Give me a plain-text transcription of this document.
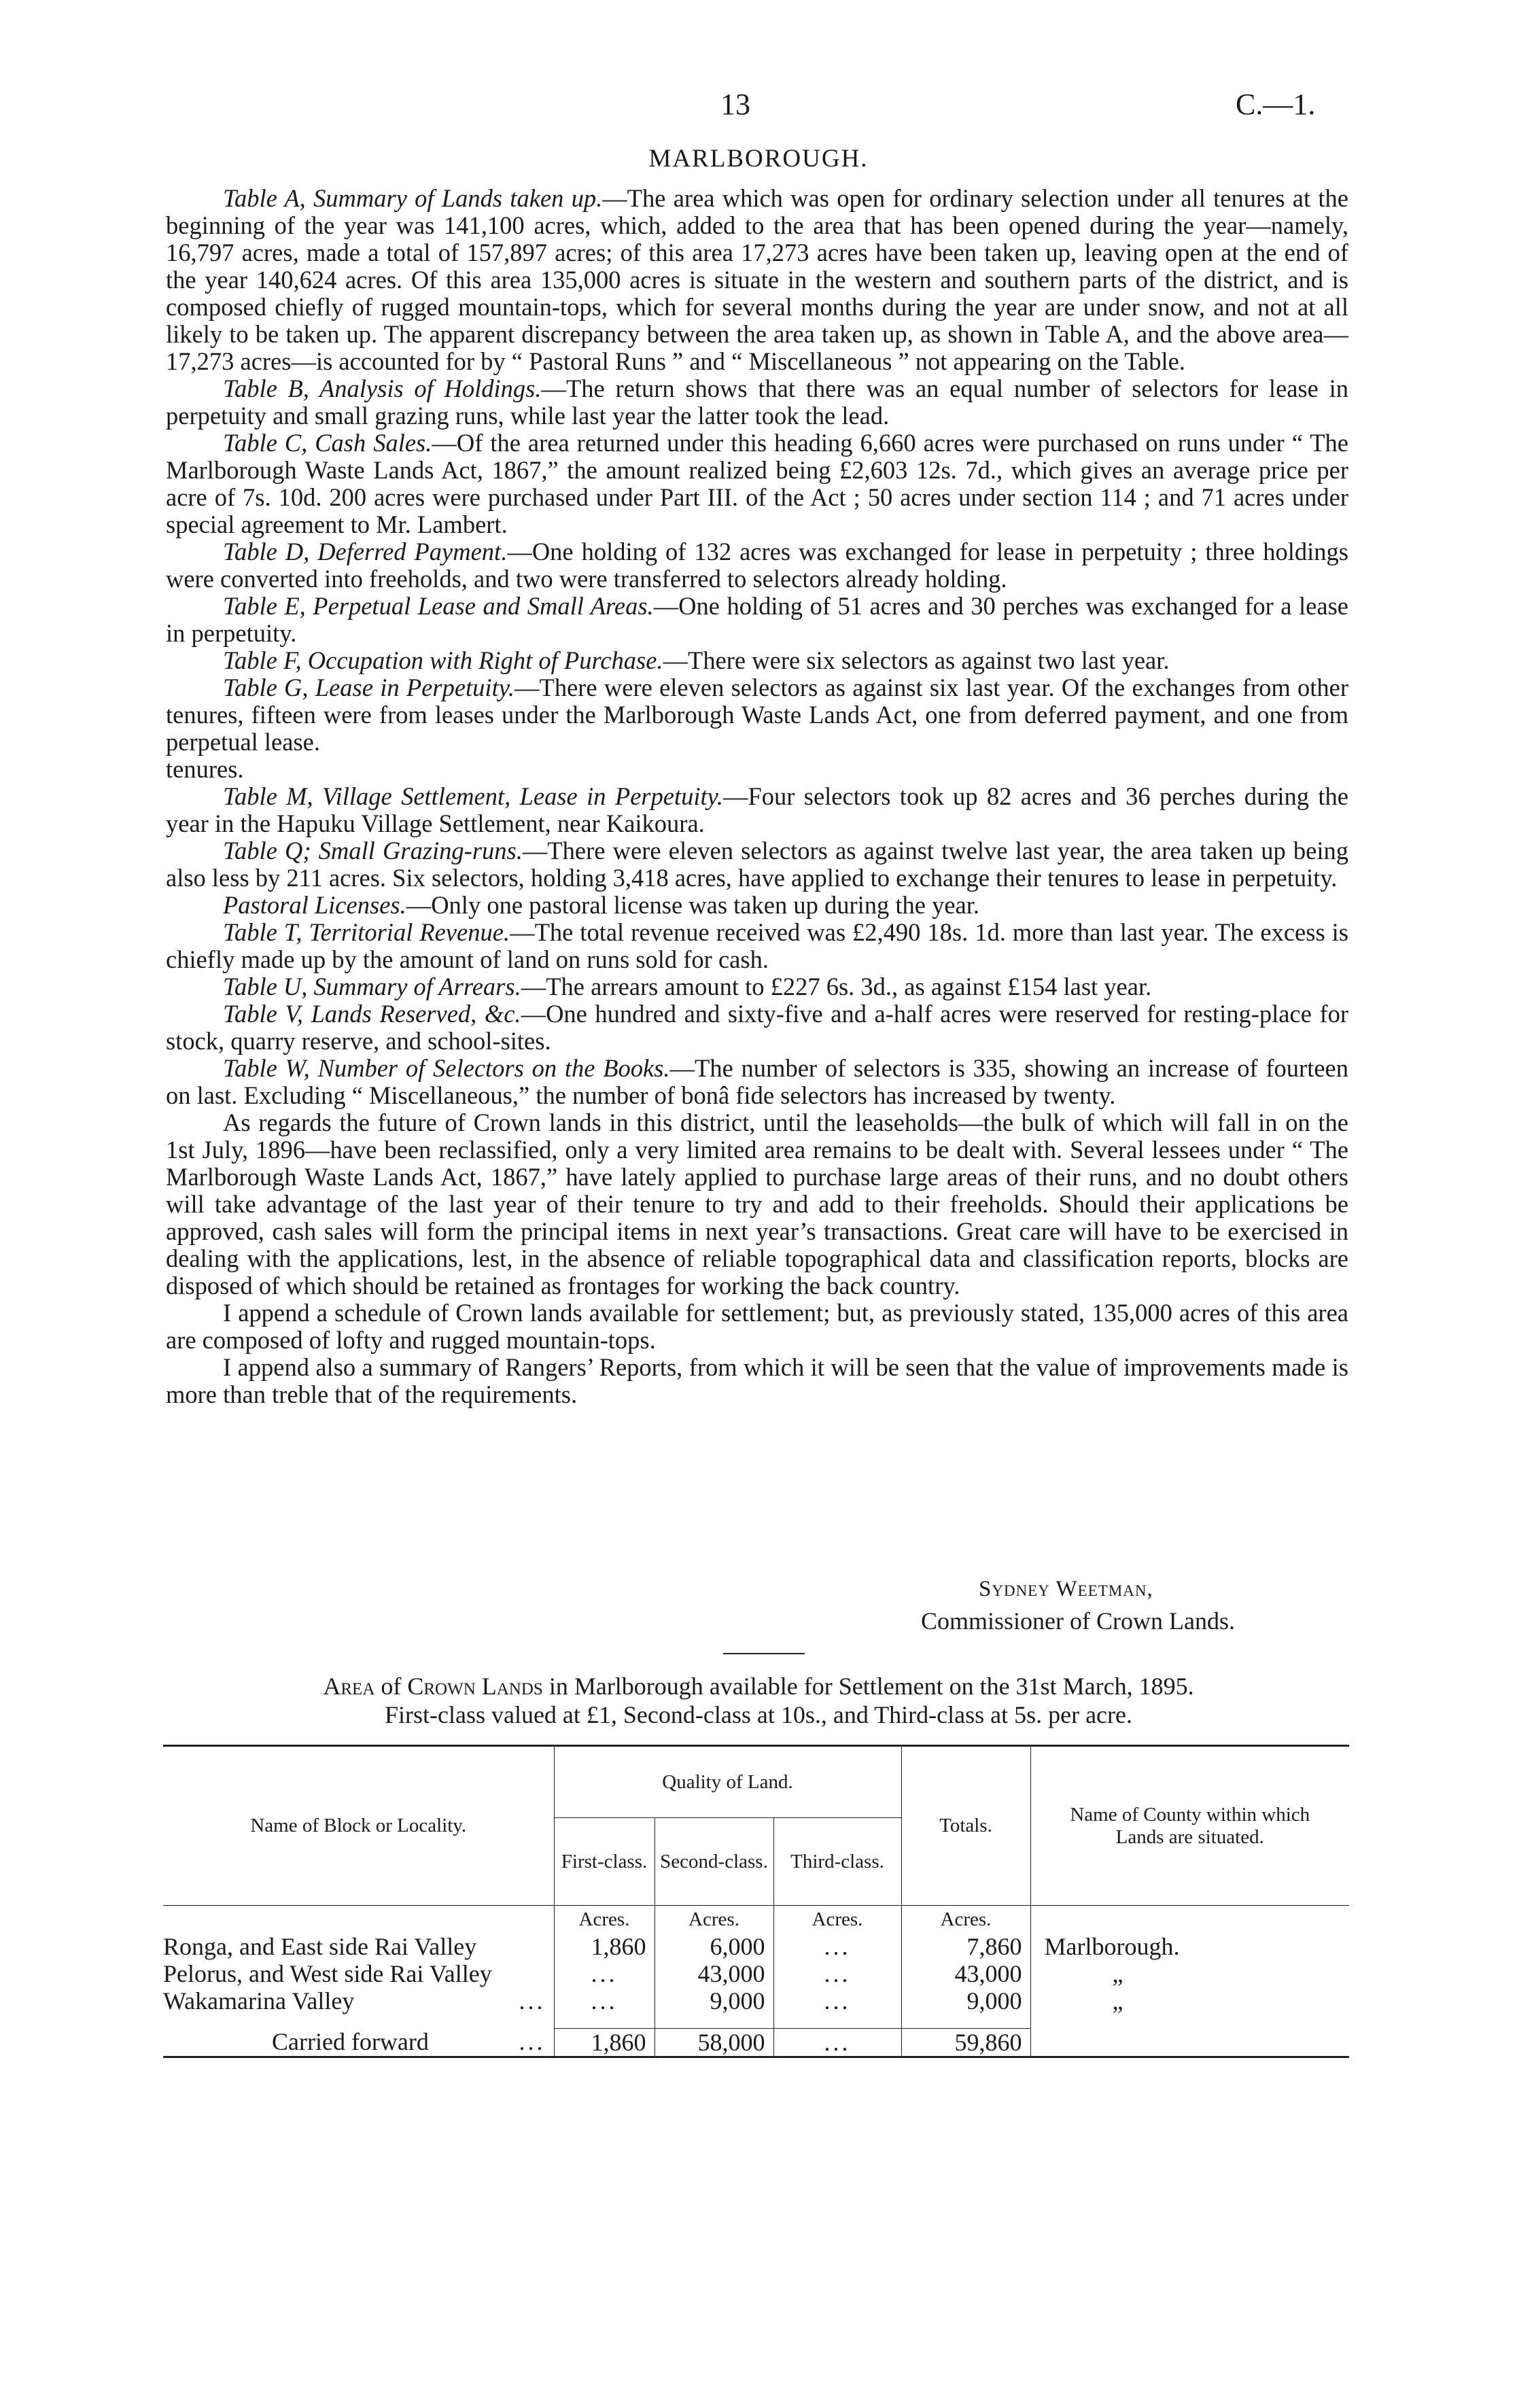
13	C.—1.
MARLBOROUGH.

Table A, Summary of Lands taken up.—The area which was open for ordinary selection under all tenures at the beginning of the year was 141,100 acres, which, added to the area that has been opened during the year—namely, 16,797 acres, made a total of 157,897 acres; of this area 17,273 acres have been taken up, leaving open at the end of the year 140,624 acres. Of this area 135,000 acres is situate in the western and southern parts of the district, and is composed chiefly of rugged mountain-tops, which for several months during the year are under snow, and not at all likely to be taken up. The apparent discrepancy between the area taken up, as shown in Table A, and the above area—17,273 acres—is accounted for by “ Pastoral Runs ” and “ Miscellaneous ” not appearing on the Table.

Table B, Analysis of Holdings.—The return shows that there was an equal number of selectors for lease in perpetuity and small grazing runs, while last year the latter took the lead.

Table C, Cash Sales.—Of the area returned under this heading 6,660 acres were purchased on runs under “ The Marlborough Waste Lands Act, 1867,” the amount realized being £2,603 12s. 7d., which gives an average price per acre of 7s. 10d. 200 acres were purchased under Part III. of the Act ; 50 acres under section 114 ; and 71 acres under special agreement to Mr. Lambert.

Table D, Deferred Payment.—One holding of 132 acres was exchanged for lease in perpetuity ; three holdings were converted into freeholds, and two were transferred to selectors already holding.

Table E, Perpetual Lease and Small Areas.—One holding of 51 acres and 30 perches was exchanged for a lease in perpetuity.

Table F, Occupation with Right of Purchase.—There were six selectors as against two last year.

Table G, Lease in Perpetuity.—There were eleven selectors as against six last year. Of the exchanges from other tenures, fifteen were from leases under the Marlborough Waste Lands Act, one from deferred payment, and one from perpetual lease.

tenures.

Table M, Village Settlement, Lease in Perpetuity.—Four selectors took up 82 acres and 36 perches during the year in the Hapuku Village Settlement, near Kaikoura.

Table Q; Small Grazing-runs.—There were eleven selectors as against twelve last year, the area taken up being also less by 211 acres. Six selectors, holding 3,418 acres, have applied to exchange their tenures to lease in perpetuity.

Pastoral Licenses.—Only one pastoral license was taken up during the year.

Table T, Territorial Revenue.—The total revenue received was £2,490 18s. 1d. more than last year. The excess is chiefly made up by the amount of land on runs sold for cash.

Table U, Summary of Arrears.—The arrears amount to £227 6s. 3d., as against £154 last year.

Table V, Lands Reserved, &c.—One hundred and sixty-five and a-half acres were reserved for resting-place for stock, quarry reserve, and school-sites.

Table W, Number of Selectors on the Books.—The number of selectors is 335, showing an increase of fourteen on last. Excluding “ Miscellaneous,” the number of bonâ fide selectors has increased by twenty.

As regards the future of Crown lands in this district, until the leaseholds—the bulk of which will fall in on the 1st July, 1896—have been reclassified, only a very limited area remains to be dealt with. Several lessees under “ The Marlborough Waste Lands Act, 1867,” have lately applied to purchase large areas of their runs, and no doubt others will take advantage of the last year of their tenure to try and add to their freeholds. Should their applications be approved, cash sales will form the principal items in next year’s transactions. Great care will have to be exercised in dealing with the applications, lest, in the absence of reliable topographical data and classification reports, blocks are disposed of which should be retained as frontages for working the back country.

I append a schedule of Crown lands available for settlement; but, as previously stated, 135,000 acres of this area are composed of lofty and rugged mountain-tops.

I append also a summary of Rangers’ Reports, from which it will be seen that the value of improvements made is more than treble that of the requirements.

Sydney Weetman,
Commissioner of Crown Lands.
Area of Crown Lands in Marlborough available for Settlement on the 31st March, 1895.
First-class valued at £1, Second-class at 10s., and Third-class at 5s. per acre.
Name of Block or Locality.	Quality of Land.			Totals.	Name of County within which Lands are situated.
	First-class.	Second-class.	Third-class.		
	Acres.	Acres.	Acres.	Acres.	
Ronga, and East side Rai Valley	1,860	6,000	...	7,860	Marlborough.
Pelorus, and West side Rai Valley	...	43,000	...	43,000	„
Wakamarina Valley ...	...	9,000	...	9,000	„
Carried forward ...	1,860	58,000	...	59,860	
